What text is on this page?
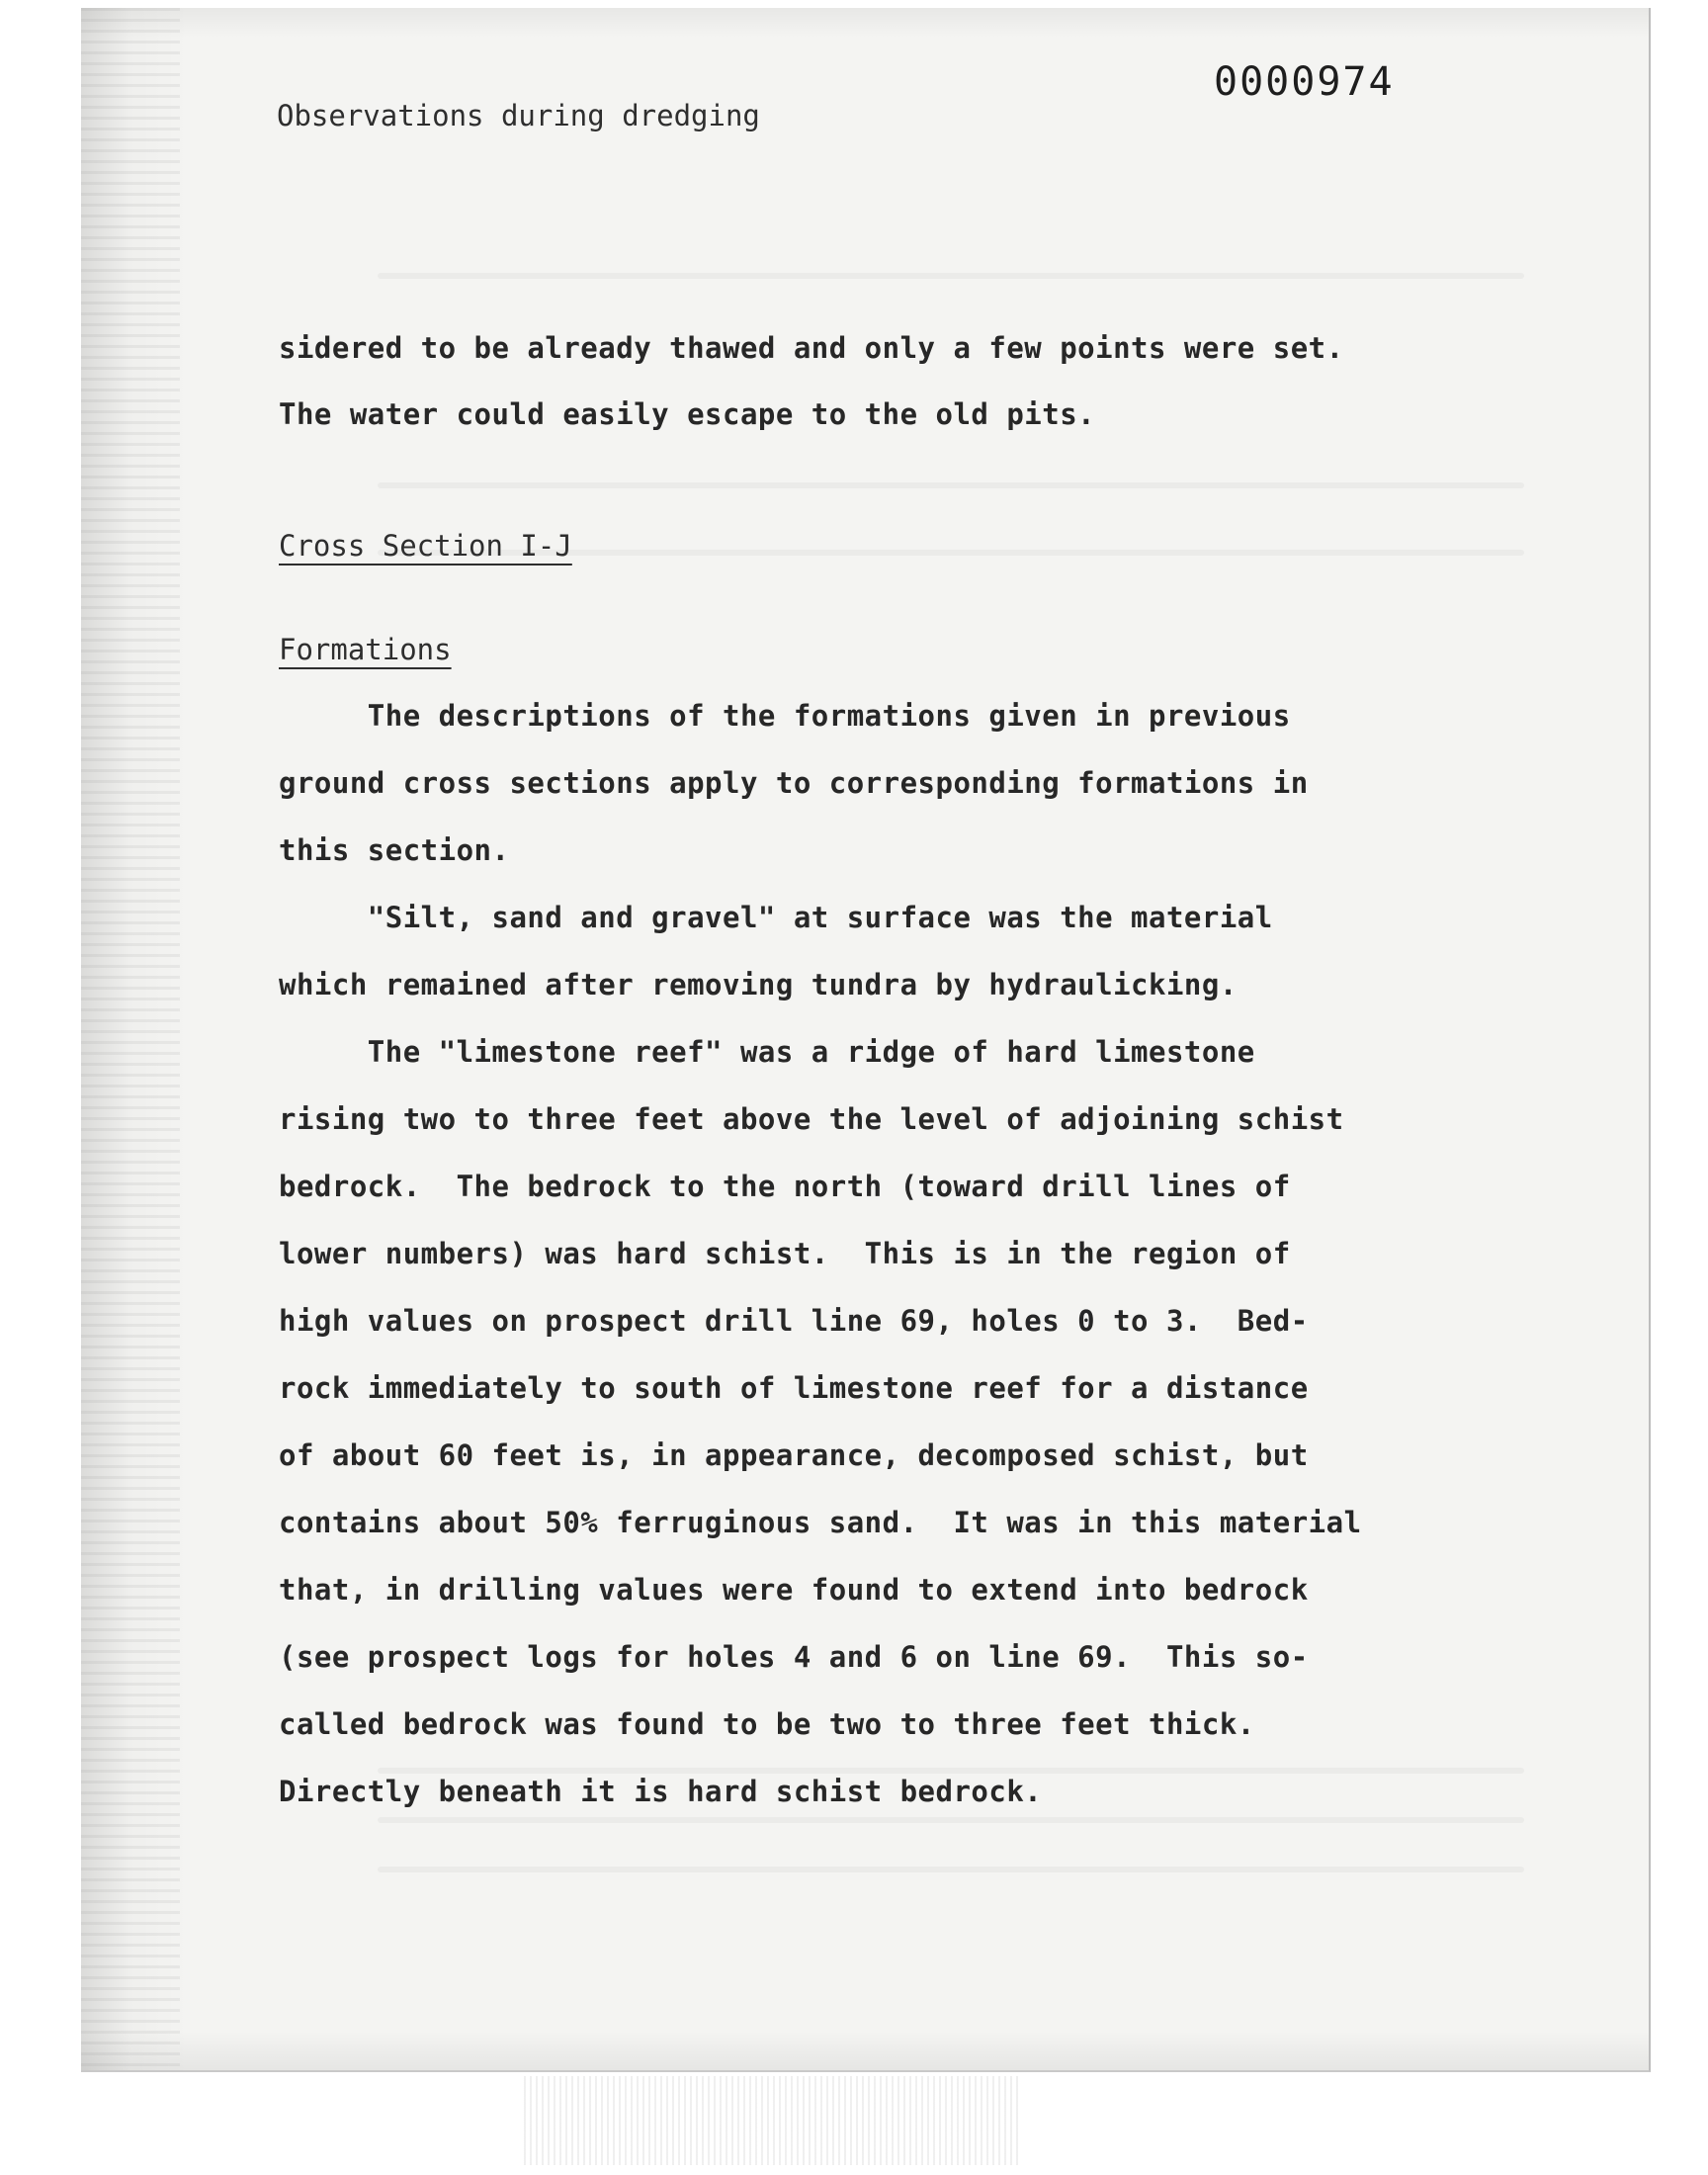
0000974
Observations during dredging
sidered to be already thawed and only a few points were set.
The water could easily escape to the old pits.
Cross Section I-J
Formations
The descriptions of the formations given in previous
ground cross sections apply to corresponding formations in
this section.
"Silt, sand and gravel" at surface was the material
which remained after removing tundra by hydraulicking.
The "limestone reef" was a ridge of hard limestone
rising two to three feet above the level of adjoining schist
bedrock.  The bedrock to the north (toward drill lines of
lower numbers) was hard schist.  This is in the region of
high values on prospect drill line 69, holes 0 to 3.  Bed-
rock immediately to south of limestone reef for a distance
of about 60 feet is, in appearance, decomposed schist, but
contains about 50% ferruginous sand.  It was in this material
that, in drilling values were found to extend into bedrock
(see prospect logs for holes 4 and 6 on line 69.  This so-
called bedrock was found to be two to three feet thick.
Directly beneath it is hard schist bedrock.
